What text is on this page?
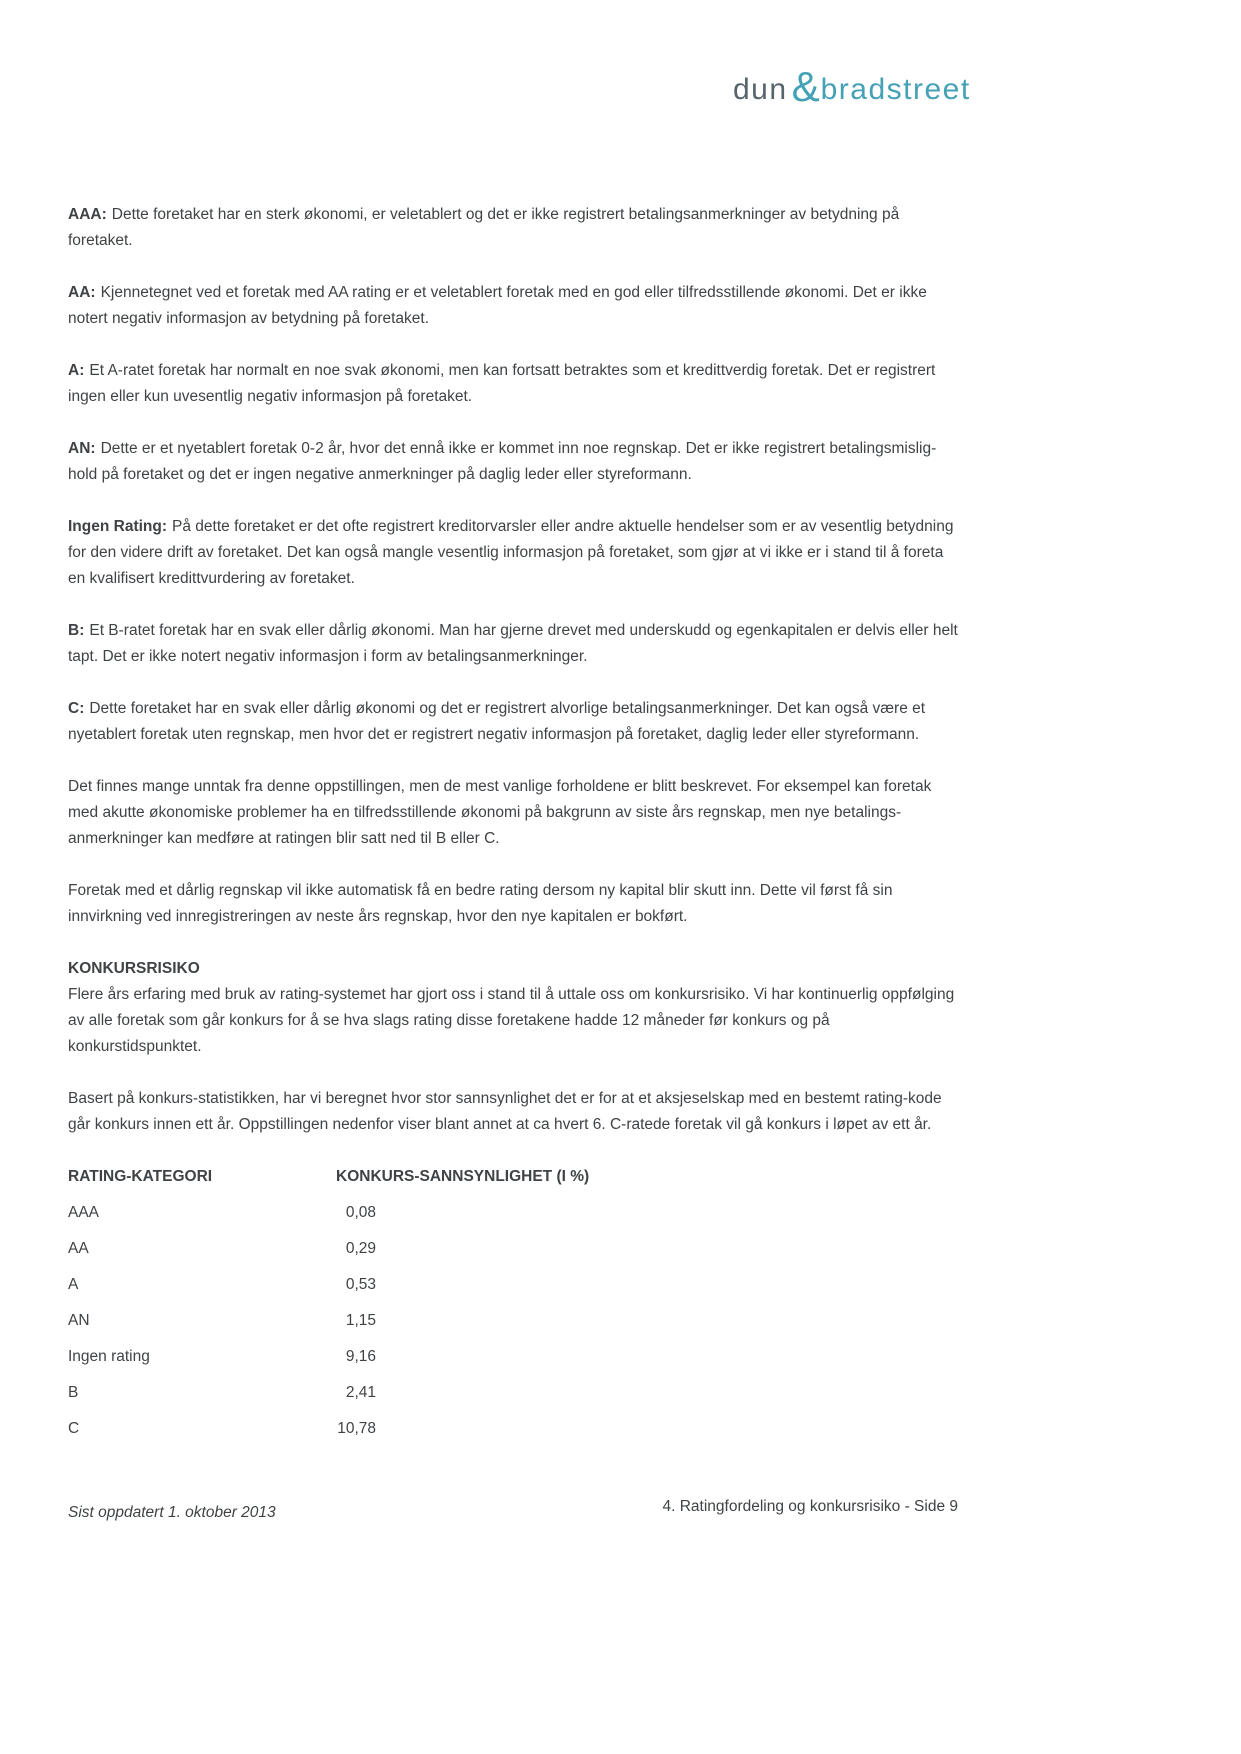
dun & bradstreet

AAA: Dette foretaket har en sterk økonomi, er veletablert og det er ikke registrert betalingsanmerkninger av betydning på foretaket.

AA: Kjennetegnet ved et foretak med AA rating er et veletablert foretak med en god eller tilfredsstillende økonomi. Det er ikke notert negativ informasjon av betydning på foretaket.

A: Et A-ratet foretak har normalt en noe svak økonomi, men kan fortsatt betraktes som et kredittverdig foretak. Det er registrert ingen eller kun uvesentlig negativ informasjon på foretaket.

AN: Dette er et nyetablert foretak 0-2 år, hvor det ennå ikke er kommet inn noe regnskap. Det er ikke registrert betalingsmislig- hold på foretaket og det er ingen negative anmerkninger på daglig leder eller styreformann.

Ingen Rating: På dette foretaket er det ofte registrert kreditorvarsler eller andre aktuelle hendelser som er av vesentlig betydning for den videre drift av foretaket. Det kan også mangle vesentlig informasjon på foretaket, som gjør at vi ikke er i stand til å foreta en kvalifisert kredittvurdering av foretaket.

B: Et B-ratet foretak har en svak eller dårlig økonomi. Man har gjerne drevet med underskudd og egenkapitalen er delvis eller helt tapt. Det er ikke notert negativ informasjon i form av betalingsanmerkninger.

C: Dette foretaket har en svak eller dårlig økonomi og det er registrert alvorlige betalingsanmerkninger. Det kan også være et nyetablert foretak uten regnskap, men hvor det er registrert negativ informasjon på foretaket, daglig leder eller styreformann.

Det finnes mange unntak fra denne oppstillingen, men de mest vanlige forholdene er blitt beskrevet. For eksempel kan foretak med akutte økonomiske problemer ha en tilfredsstillende økonomi på bakgrunn av siste års regnskap, men nye betalings- anmerkninger kan medføre at ratingen blir satt ned til B eller C.

Foretak med et dårlig regnskap vil ikke automatisk få en bedre rating dersom ny kapital blir skutt inn. Dette vil først få sin innvirkning ved innregistreringen av neste års regnskap, hvor den nye kapitalen er bokført.

KONKURSRISIKO

Flere års erfaring med bruk av rating-systemet har gjort oss i stand til å uttale oss om konkursrisiko. Vi har kontinuerlig oppfølging av alle foretak som går konkurs for å se hva slags rating disse foretakene hadde 12 måneder før konkurs og på konkurstidspunktet.

Basert på konkurs-statistikken, har vi beregnet hvor stor sannsynlighet det er for at et aksjeselskap med en bestemt rating-kode går konkurs innen ett år. Oppstillingen nedenfor viser blant annet at ca hvert 6. C-ratede foretak vil gå konkurs i løpet av ett år.

RATING-KATEGORI	KONKURS-SANNSYNLIGHET (I %)
AAA	0,08
AA	0,29
A	0,53
AN	1,15
Ingen rating	9,16
B	2,41
C	10,78
Sist oppdatert 1. oktober 2013	4. Ratingfordeling og konkursrisiko - Side 9
